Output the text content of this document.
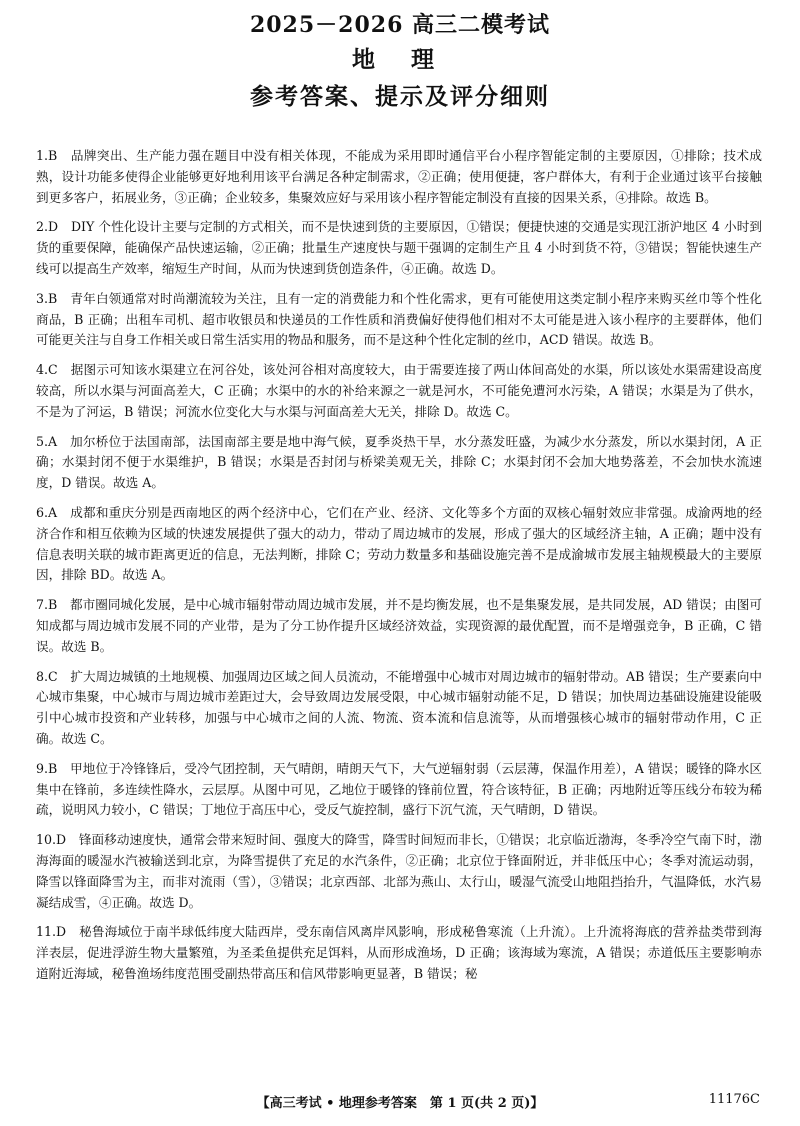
2025－2026 高三二模考试
地 理
参考答案、提示及评分细则

1.B　 品牌突出、生产能力强在题目中没有相关体现，不能成为采用即时通信平台小程序智能定制的主要原因，①排除；技术成熟，设计功能多使得企业能够更好地利用该平台满足各种定制需求，②正确；使用便捷，客户群体大，有利于企业通过该平台接触到更多客户，拓展业务，③正确；企业较多，集聚效应好与采用该小程序智能定制没有直接的因果关系，④排除。故选 B。

2.D　 DIY 个性化设计主要与定制的方式相关，而不是快速到货的主要原因，①错误；便捷快速的交通是实现江浙沪地区 4 小时到货的重要保障，能确保产品快速运输，②正确；批量生产速度快与题干强调的定制生产且 4 小时到货不符，③错误；智能快速生产线可以提高生产效率，缩短生产时间，从而为快速到货创造条件，④正确。故选 D。

3.B　 青年白领通常对时尚潮流较为关注，且有一定的消费能力和个性化需求，更有可能使用这类定制小程序来购买丝巾等个性化商品，B 正确；出租车司机、超市收银员和快递员的工作性质和消费偏好使得他们相对不太可能是进入该小程序的主要群体，他们可能更关注与自身工作相关或日常生活实用的物品和服务，而不是这种个性化定制的丝巾，ACD 错误。故选 B。

4.C　 据图示可知该水渠建立在河谷处，该处河谷相对高度较大，由于需要连接了两山体间高处的水渠，所以该处水渠需建设高度较高，所以水渠与河面高差大，C 正确；水渠中的水的补给来源之一就是河水，不可能免遭河水污染，A 错误；水渠是为了供水，不是为了河运，B 错误；河流水位变化大与水渠与河面高差大无关，排除 D。故选 C。

5.A　 加尔桥位于法国南部，法国南部主要是地中海气候，夏季炎热干旱，水分蒸发旺盛，为减少水分蒸发，所以水渠封闭，A 正确；水渠封闭不便于水渠维护，B 错误；水渠是否封闭与桥梁美观无关，排除 C；水渠封闭不会加大地势落差，不会加快水流速度，D 错误。故选 A。

6.A　 成都和重庆分别是西南地区的两个经济中心，它们在产业、经济、文化等多个方面的双核心辐射效应非常强。成渝两地的经济合作和相互依赖为区域的快速发展提供了强大的动力，带动了周边城市的发展，形成了强大的区域经济主轴，A 正确；题中没有信息表明关联的城市距离更近的信息，无法判断，排除 C；劳动力数量多和基础设施完善不是成渝城市发展主轴规模最大的主要原因，排除 BD。故选 A。

7.B　 都市圈同城化发展，是中心城市辐射带动周边城市发展，并不是均衡发展，也不是集聚发展，是共同发展，AD 错误；由图可知成都与周边城市发展不同的产业带，是为了分工协作提升区域经济效益，实现资源的最优配置，而不是增强竞争，B 正确，C 错误。故选 B。

8.C　 扩大周边城镇的土地规模、加强周边区域之间人员流动，不能增强中心城市对周边城市的辐射带动。AB 错误；生产要素向中心城市集聚，中心城市与周边城市差距过大，会导致周边发展受限，中心城市辐射动能不足，D 错误；加快周边基础设施建设能吸引中心城市投资和产业转移，加强与中心城市之间的人流、物流、资本流和信息流等，从而增强核心城市的辐射带动作用，C 正确。故选 C。

9.B　 甲地位于冷锋锋后，受冷气团控制，天气晴朗，晴朗天气下，大气逆辐射弱（云层薄，保温作用差），A 错误；暖锋的降水区集中在锋前，多连续性降水，云层厚。从图中可见，乙地位于暖锋的锋前位置，符合该特征，B 正确；丙地附近等压线分布较为稀疏，说明风力较小，C 错误；丁地位于高压中心，受反气旋控制，盛行下沉气流，天气晴朗，D 错误。

10.D　 锋面移动速度快，通常会带来短时间、强度大的降雪，降雪时间短而非长，①错误；北京临近渤海，冬季冷空气南下时，渤海海面的暖湿水汽被输送到北京，为降雪提供了充足的水汽条件，②正确；北京位于锋面附近，并非低压中心；冬季对流运动弱，降雪以锋面降雪为主，而非对流雨（雪），③错误；北京西部、北部为燕山、太行山，暖湿气流受山地阻挡抬升，气温降低，水汽易凝结成雪，④正确。故选 D。

11.D　 秘鲁海域位于南半球低纬度大陆西岸，受东南信风离岸风影响，形成秘鲁寒流（上升流）。上升流将海底的营养盐类带到海洋表层，促进浮游生物大量繁殖，为圣柔鱼提供充足饵料，从而形成渔场，D 正确；该海域为寒流，A 错误；赤道低压主要影响赤道附近海域，秘鲁渔场纬度范围受副热带高压和信风带影响更显著，B 错误；秘

【高三考试 • 地理参考答案　第 1 页(共 2 页)】	11176C
